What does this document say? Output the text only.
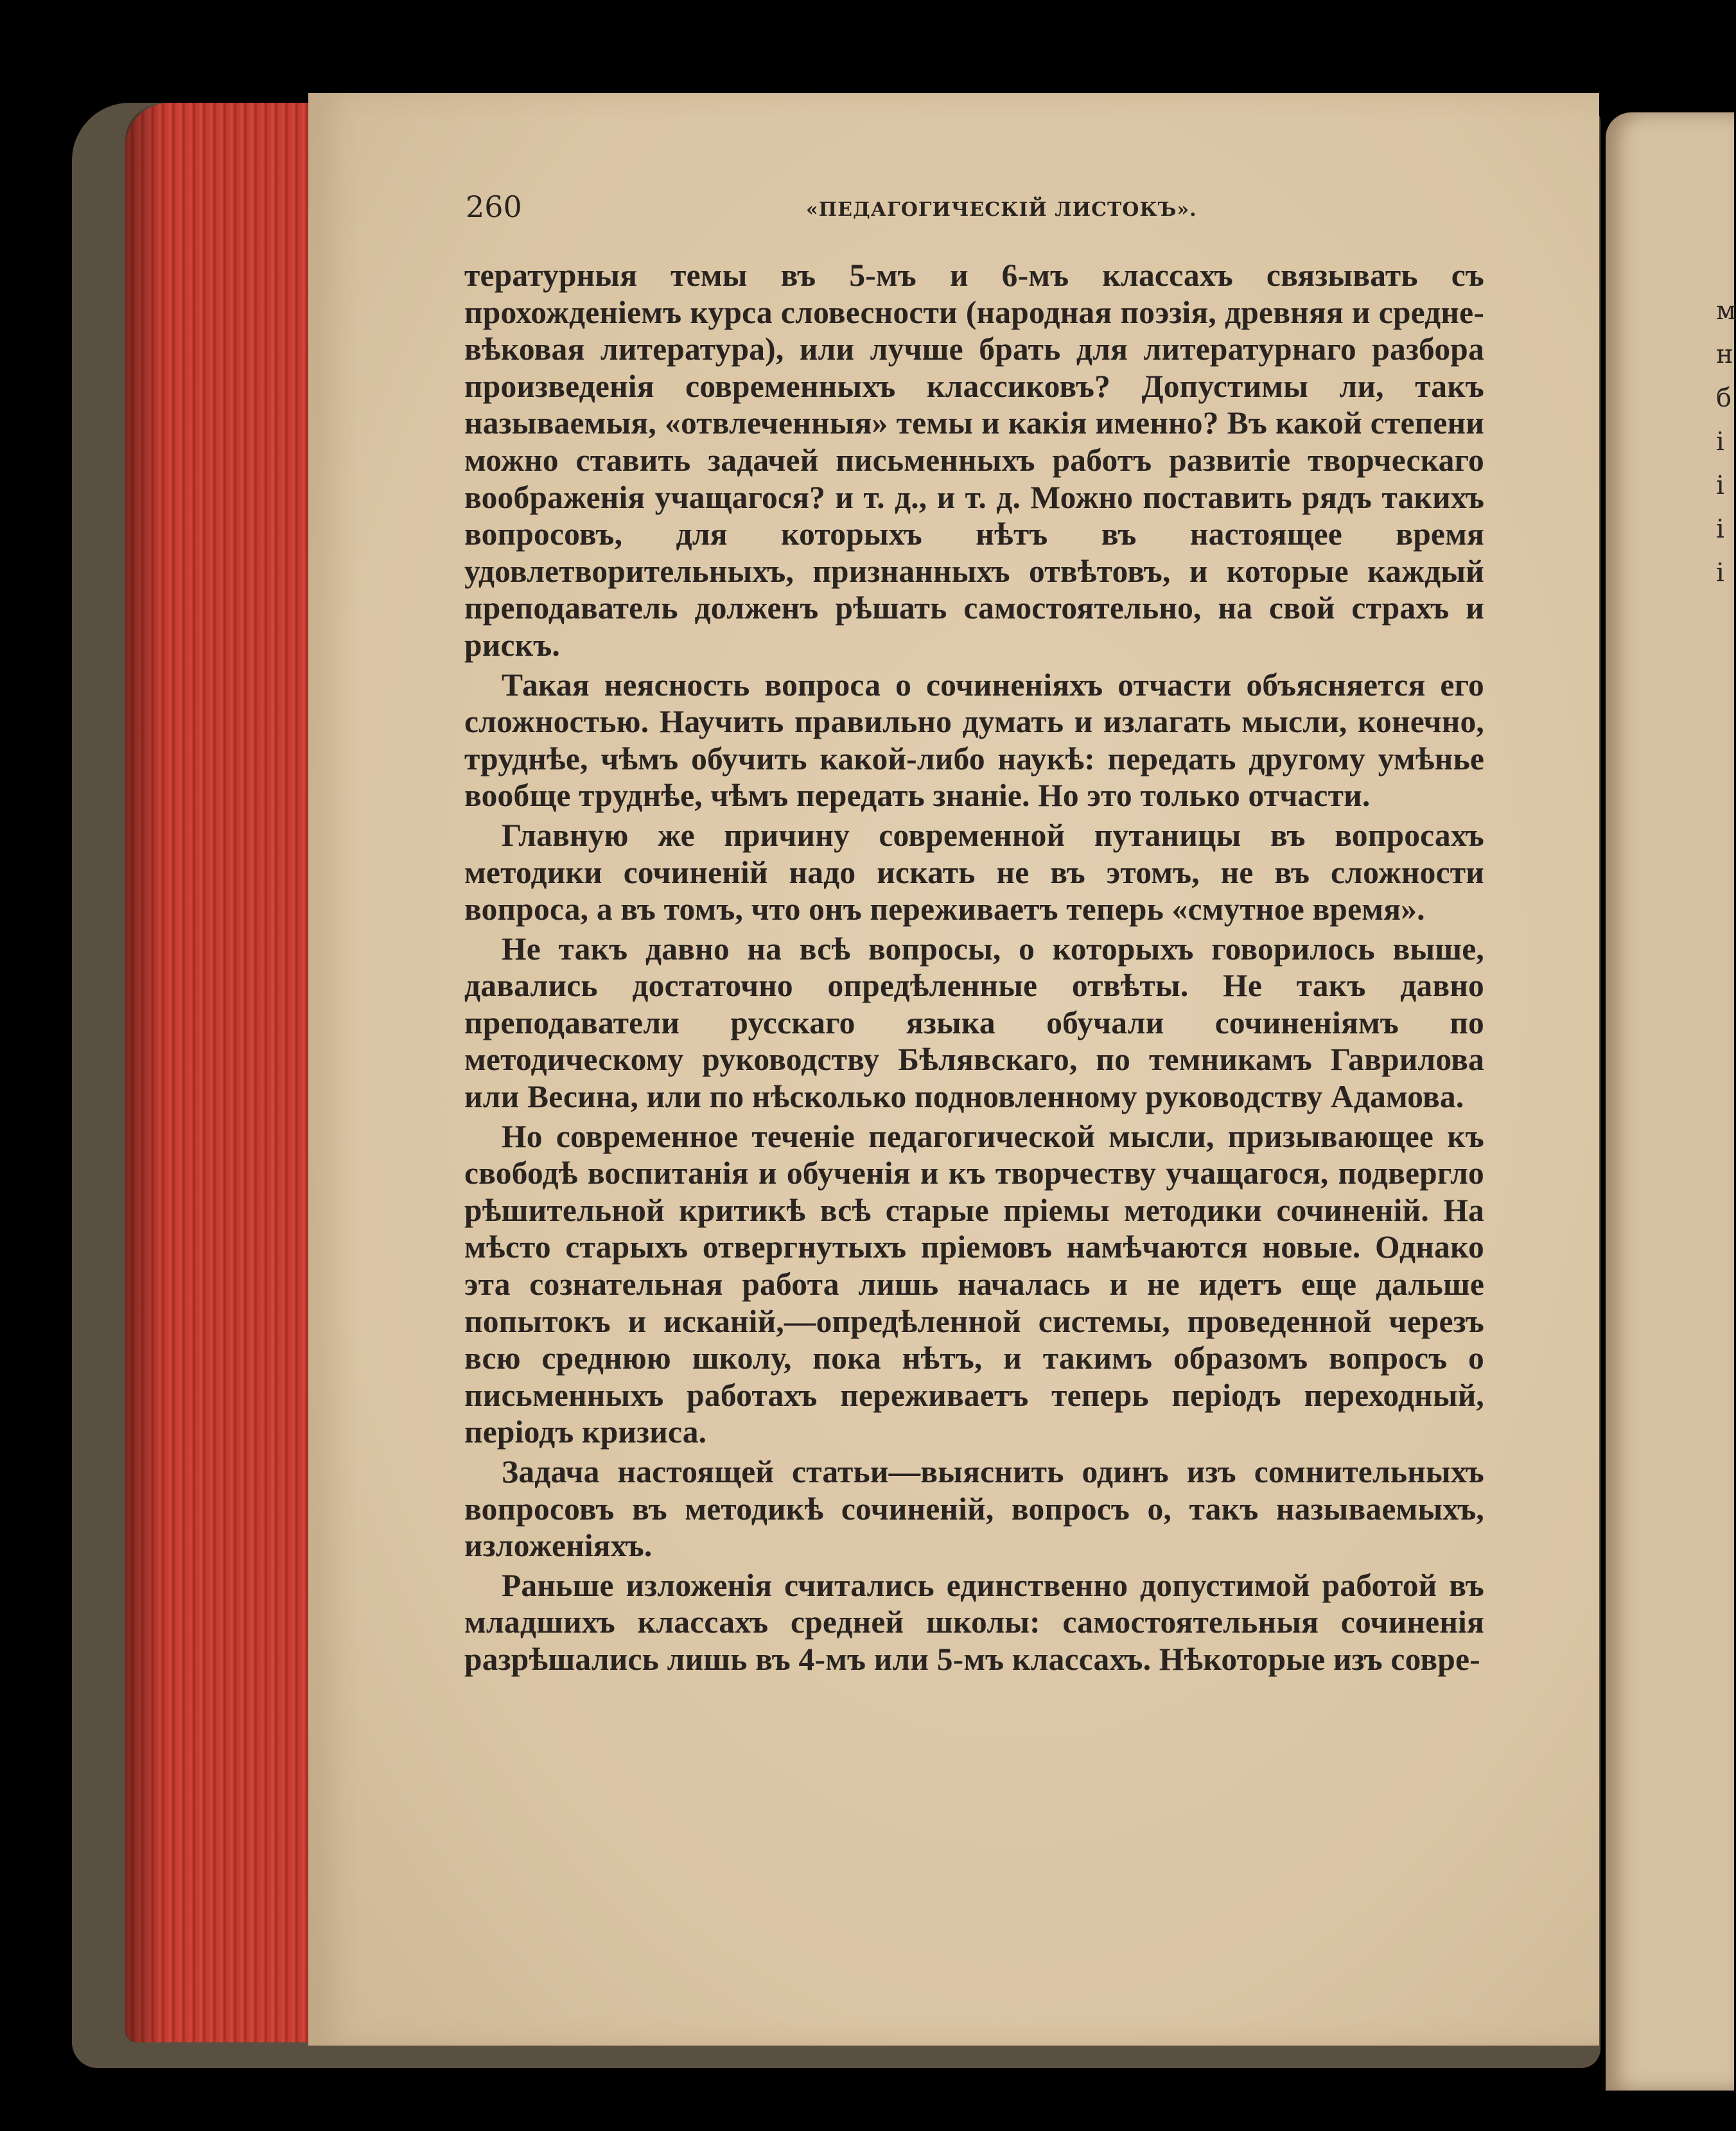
м
н
б
і
і
і
і
260	«ПЕДАГОГИЧЕСКІЙ ЛИСТОКЪ».

тературныя темы въ 5-мъ и 6-мъ классахъ связывать съ прохожденіемъ курса словесности (народная поэзія, древняя и средне-вѣковая литература), или лучше брать для литературнаго разбора произведенія современныхъ классиковъ? Допустимы ли, такъ называемыя, «отвлеченныя» темы и какія именно? Въ какой степени можно ставить задачей письменныхъ работъ развитіе творческаго воображенія учащагося? и т. д., и т. д. Можно поставить рядъ такихъ вопросовъ, для которыхъ нѣтъ въ настоящее время удовлетворительныхъ, признанныхъ отвѣтовъ, и которые каждый преподаватель долженъ рѣшать самостоятельно, на свой страхъ и рискъ.

Такая неясность вопроса о сочиненіяхъ отчасти объясняется его сложностью. Научить правильно думать и излагать мысли, конечно, труднѣе, чѣмъ обучить какой-либо наукѣ: передать другому умѣнье вообще труднѣе, чѣмъ передать знаніе. Но это только отчасти.

Главную же причину современной путаницы въ вопросахъ методики сочиненій надо искать не въ этомъ, не въ сложности вопроса, а въ томъ, что онъ переживаетъ теперь «смутное время».

Не такъ давно на всѣ вопросы, о которыхъ говорилось выше, давались достаточно опредѣленные отвѣты. Не такъ давно преподаватели русскаго языка обучали сочиненіямъ по методическому руководству Бѣлявскаго, по темникамъ Гаврилова или Весина, или по нѣсколько подновленному руководству Адамова.

Но современное теченіе педагогической мысли, призывающее къ свободѣ воспитанія и обученія и къ творчеству учащагося, подвергло рѣшительной критикѣ всѣ старые пріемы методики сочиненій. На мѣсто старыхъ отвергнутыхъ пріемовъ намѣчаются новые. Однако эта сознательная работа лишь началась и не идетъ еще дальше попытокъ и исканій,—опредѣленной системы, проведенной черезъ всю среднюю школу, пока нѣтъ, и такимъ образомъ вопросъ о письменныхъ работахъ переживаетъ теперь періодъ переходный, періодъ кризиса.

Задача настоящей статьи—выяснить одинъ изъ сомнительныхъ вопросовъ въ методикѣ сочиненій, вопросъ о, такъ называемыхъ, изложеніяхъ.

Раньше изложенія считались единственно допустимой работой въ младшихъ классахъ средней школы: самостоятельныя сочиненія разрѣшались лишь въ 4-мъ или 5-мъ классахъ. Нѣкоторые изъ совре-
